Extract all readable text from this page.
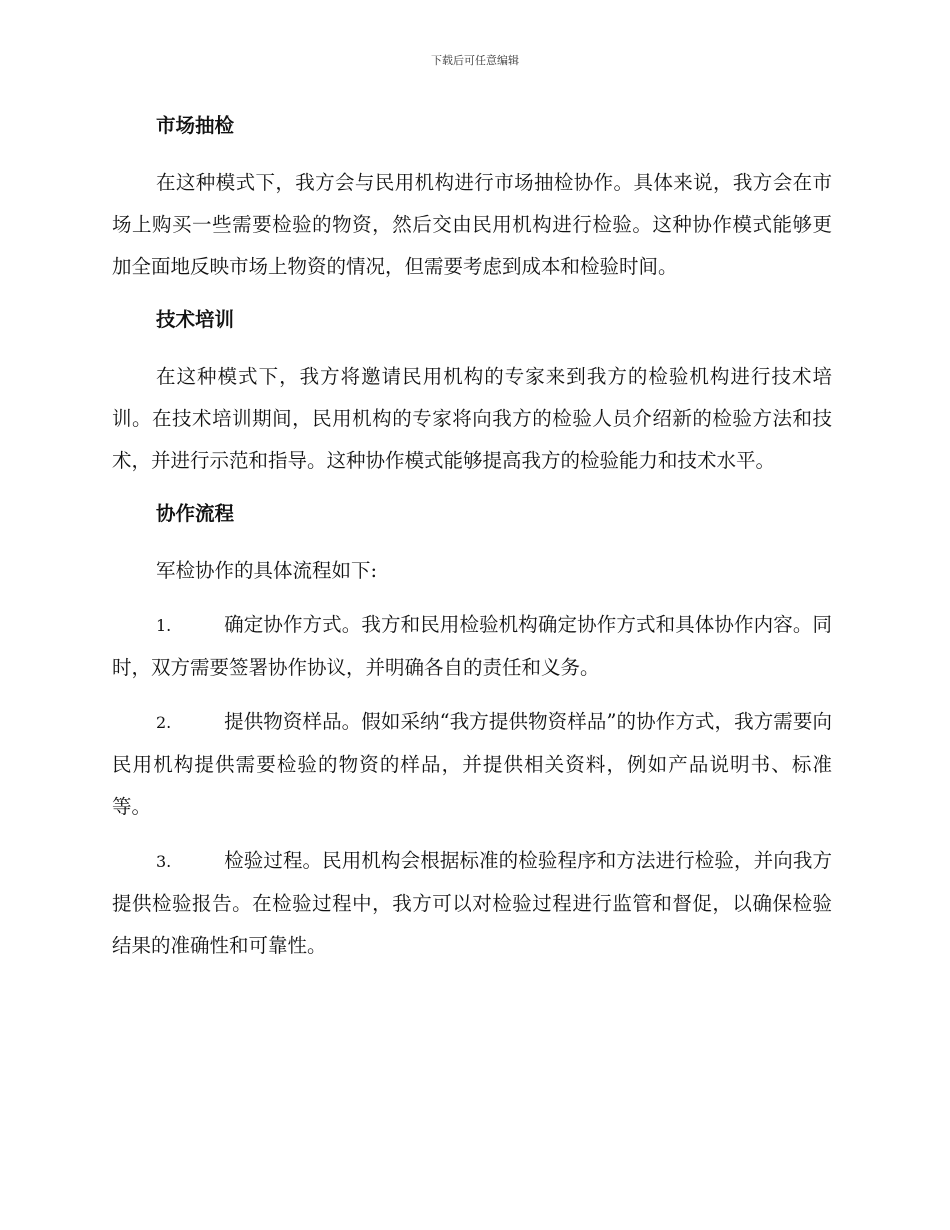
下载后可任意编辑
市场抽检

在这种模式下，我方会与民用机构进行市场抽检协作。具体来说，我方会在市场上购买一些需要检验的物资，然后交由民用机构进行检验。这种协作模式能够更加全面地反映市场上物资的情况，但需要考虑到成本和检验时间。

技术培训

在这种模式下，我方将邀请民用机构的专家来到我方的检验机构进行技术培训。在技术培训期间，民用机构的专家将向我方的检验人员介绍新的检验方法和技术，并进行示范和指导。这种协作模式能够提高我方的检验能力和技术水平。

协作流程

军检协作的具体流程如下:

1.	确定协作方式。我方和民用检验机构确定协作方式和具体协作内容。同时，双方需要签署协作协议，并明确各自的责任和义务。

2.	提供物资样品。假如采纳“我方提供物资样品”的协作方式，我方需要向民用机构提供需要检验的物资的样品，并提供相关资料，例如产品说明书、标准等。

3.	检验过程。民用机构会根据标准的检验程序和方法进行检验，并向我方提供检验报告。在检验过程中，我方可以对检验过程进行监管和督促，以确保检验结果的准确性和可靠性。
